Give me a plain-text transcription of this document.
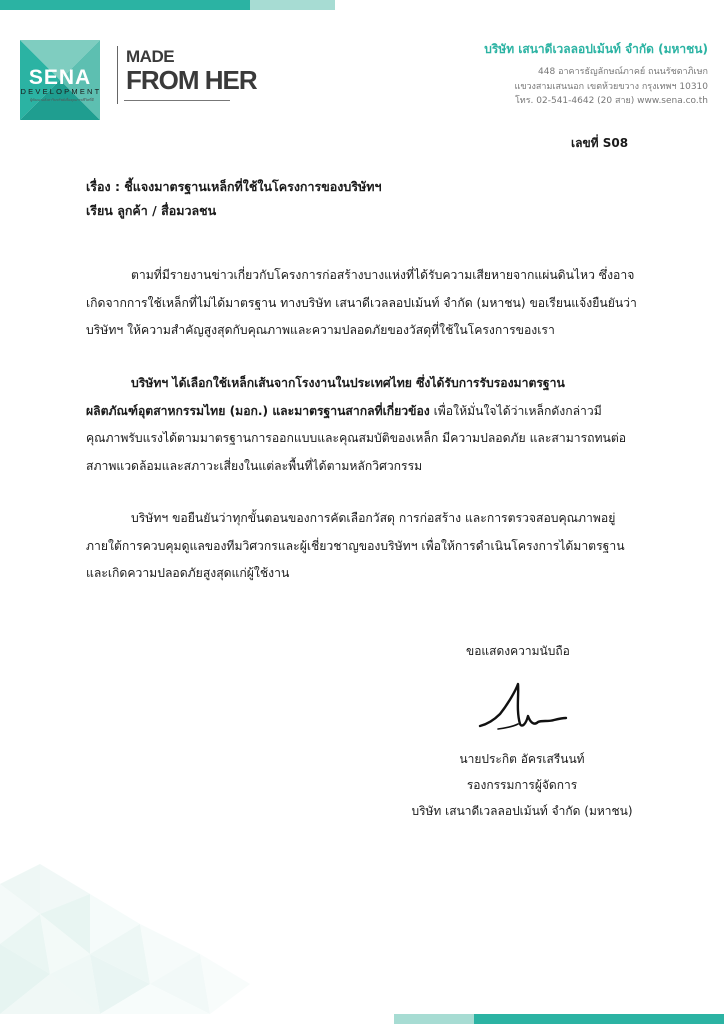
SENA
DEVELOPMENT
ผู้พัฒนาอสังหาริมทรัพย์เพื่อคุณภาพชีวิตที่ดี
MADE
FROM HER
บริษัท เสนาดีเวลลอปเม้นท์ จำกัด (มหาชน)
448 อาคารธัญลักษณ์ภาคย์ ถนนรัชดาภิเษก
แขวงสามเสนนอก เขตห้วยขวาง กรุงเทพฯ 10310
โทร. 02-541-4642 (20 สาย) www.sena.co.th
เลขที่ S08
เรื่อง : ชี้แจงมาตรฐานเหล็กที่ใช้ในโครงการของบริษัทฯ
เรียน ลูกค้า / สื่อมวลชน
ตามที่มีรายงานข่าวเกี่ยวกับโครงการก่อสร้างบางแห่งที่ได้รับความเสียหายจากแผ่นดินไหว ซึ่งอาจ
เกิดจากการใช้เหล็กที่ไม่ได้มาตรฐาน ทางบริษัท เสนาดีเวลลอปเม้นท์ จำกัด (มหาชน) ขอเรียนแจ้งยืนยันว่า
บริษัทฯ ให้ความสำคัญสูงสุดกับคุณภาพและความปลอดภัยของวัสดุที่ใช้ในโครงการของเรา
บริษัทฯ ได้เลือกใช้เหล็กเส้นจากโรงงานในประเทศไทย ซึ่งได้รับการรับรองมาตรฐาน
ผลิตภัณฑ์อุตสาหกรรมไทย (มอก.) และมาตรฐานสากลที่เกี่ยวข้อง เพื่อให้มั่นใจได้ว่าเหล็กดังกล่าวมี
คุณภาพรับแรงได้ตามมาตรฐานการออกแบบและคุณสมบัติของเหล็ก มีความปลอดภัย และสามารถทนต่อ
สภาพแวดล้อมและสภาวะเสี่ยงในแต่ละพื้นที่ได้ตามหลักวิศวกรรม
บริษัทฯ ขอยืนยันว่าทุกขั้นตอนของการคัดเลือกวัสดุ การก่อสร้าง และการตรวจสอบคุณภาพอยู่
ภายใต้การควบคุมดูแลของทีมวิศวกรและผู้เชี่ยวชาญของบริษัทฯ เพื่อให้การดำเนินโครงการได้มาตรฐาน
และเกิดความปลอดภัยสูงสุดแก่ผู้ใช้งาน
ขอแสดงความนับถือ
นายประกิต อัครเสรีนนท์
รองกรรมการผู้จัดการ
บริษัท เสนาดีเวลลอปเม้นท์ จำกัด (มหาชน)
